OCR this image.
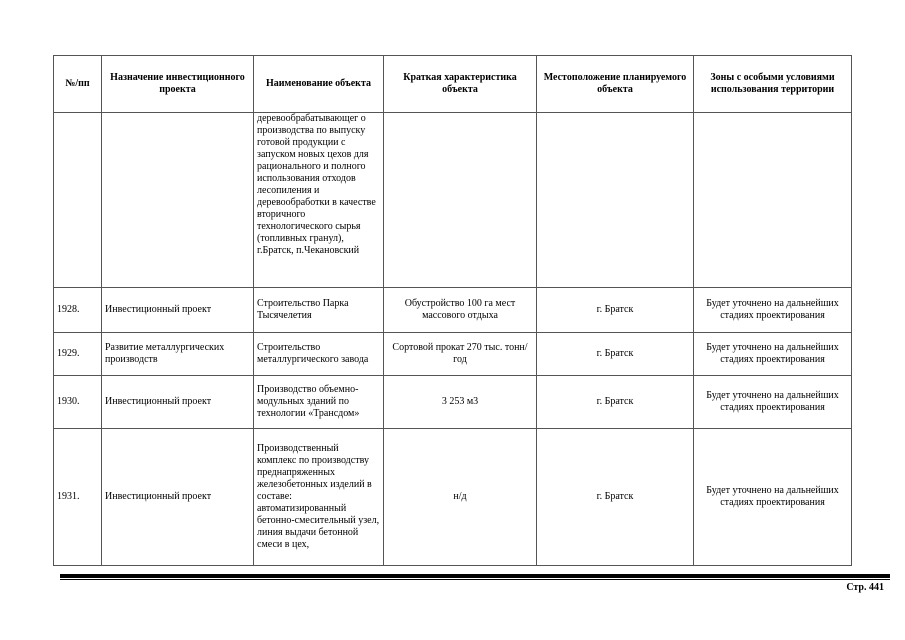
№/пп	Назначение инвестиционного проекта	Наименование объекта	Краткая характеристика объекта	Местоположение планируемого объекта	Зоны с особыми условиями использования территории
		деревообрабатывающег о производства по выпуску готовой продукции с запуском новых цехов для рационального и полного использования отходов лесопиления и деревообработки в качестве вторичного технологического сырья (топливных гранул), г.Братск, п.Чекановский			
1928.	Инвестиционный проект	Строительство Парка Тысячелетия	Обустройство 100 га мест массового отдыха	г. Братск	Будет уточнено на дальнейших стадиях проектирования
1929.	Развитие металлургических производств	Строительство металлургического завода	Сортовой прокат 270 тыс. тонн/год	г. Братск	Будет уточнено на дальнейших стадиях проектирования
1930.	Инвестиционный проект	Производство объемно-модульных зданий по технологии «Трансдом»	3 253 м3	г. Братск	Будет уточнено на дальнейших стадиях проектирования
1931.	Инвестиционный проект	Производственный комплекс по производству преднапряженных железобетонных изделий в составе: автоматизированный бетонно-смесительный узел, линия выдачи бетонной смеси в цех,	н/д	г. Братск	Будет уточнено на дальнейших стадиях проектирования
Стр. 441
